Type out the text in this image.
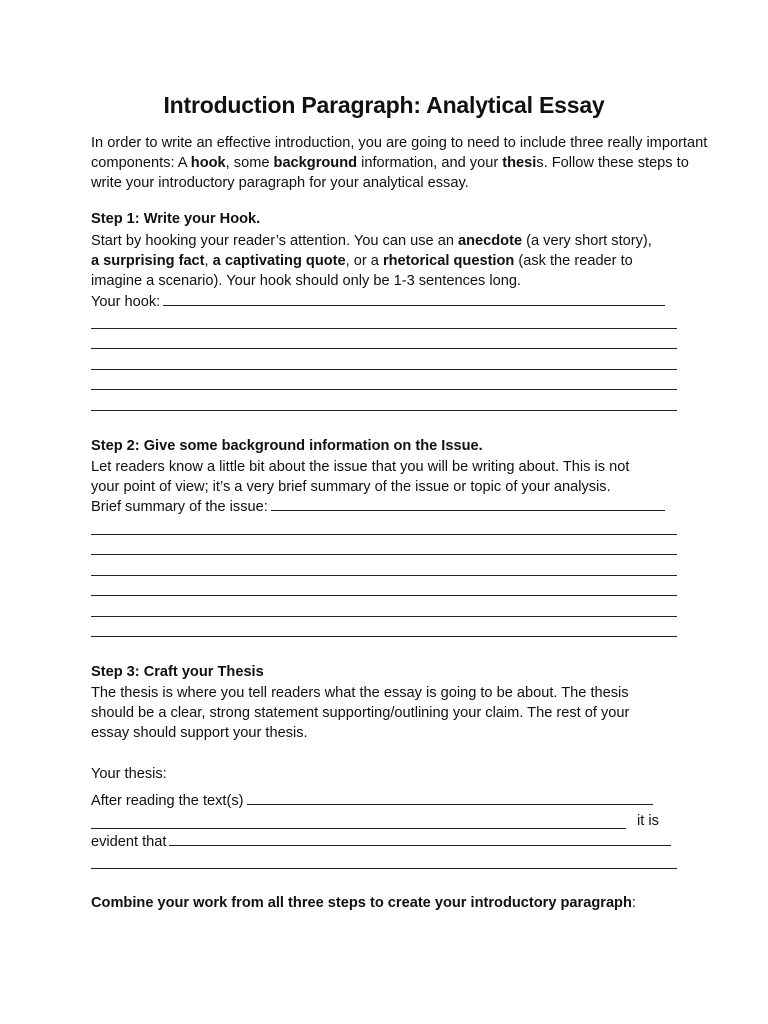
Introduction Paragraph: Analytical Essay
In order to write an effective introduction, you are going to need to include three really important
components: A hook, some background information, and your thesis. Follow these steps to
write your introductory paragraph for your analytical essay.
Step 1: Write your Hook.
Start by hooking your reader’s attention. You can use an anecdote (a very short story),
a surprising fact, a captivating quote, or a rhetorical question (ask the reader to
imagine a scenario). Your hook should only be 1-3 sentences long.
Your hook:
Step 2: Give some background information on the Issue.
Let readers know a little bit about the issue that you will be writing about. This is not
your point of view; it’s a very brief summary of the issue or topic of your analysis.
Brief summary of the issue:
Step 3: Craft your Thesis
The thesis is where you tell readers what the essay is going to be about. The thesis
should be a clear, strong statement supporting/outlining your claim. The rest of your
essay should support your thesis.
Your thesis:
After reading the text(s)
it is
evident that
Combine your work from all three steps to create your introductory paragraph:
